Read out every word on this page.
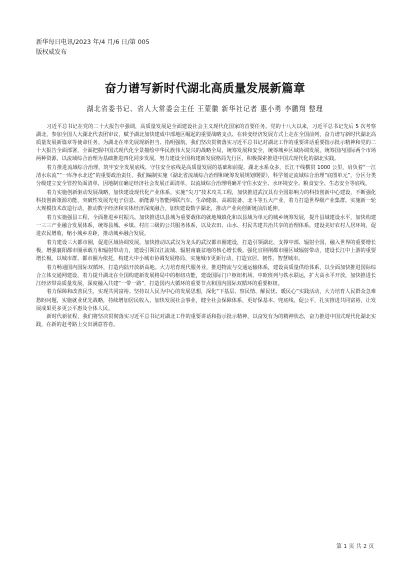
新华每日电讯/2023 年/4 月/6 日/第 005
版权威发布
奋力谱写新时代湖北高质量发展新篇章
湖北省委书记、省人大常委会主任 王蒙徽 新华社记者 惠小勇 李鹏翔 整理

习近平总书记在党的二十大报告中强调，高质量发展是全面建设社会主义现代化国家的首要任务。党的十八大以来，习近平总书记先后 5 次考察湖北，参加全国人大湖北代表团审议，赋予湖北加快建成中部地区崛起的重要战略支点、在转变经济发展方式上走在全国前列，奋力谱写新时代湖北高质量发展新篇章等使命任务。为湖北在率先展现新担当、指明强航，我们坚决贯彻落实习近平总书记对湖北工作的重要讲话重要指示批示精神和党的二十大报告全面部署，全面把握中国式现代化全景描绘中华民族伟大复兴的战略全局，统筹发展和安全，统筹城乡区域协调发展，统筹国内国际两个市场两种资源，以流域综合治理为基础推进四化同步发展。努力建设全国构建新发展格局先行区，积极探索推进中国式现代化的湖北实践。

着力推进流域综合治理，筑牢安全发展底线。守住安全底线是高质量发展的基础和前提。湖北水系众多，长江干线横贯 1000 公里，肩负着“一江清水东流”“一库净水北送”的重要政治责任。我们编制实施《湖北省流域综合治理和统筹发展规划纲要》，科学划定流域综合治理“底图单元”，分区分类分级建立安全管控负面清单，因地制宜确定经济社会发展正面清单，以流域综合治理明确并守住水安全、水环境安全、粮食安全、生态安全等底线。

着力实施创新驱动发展战略，加快建设现代化产业体系。实施“尖刀”技术攻关工程，加快推进武汉具有全国影响力的科技创新中心建设，不断强化科技创新策源功能，突破性发展光电子信息、新能源与智能网联汽车、生命健康、高端装备、北斗等五大产业，着力打造世界级产业集群。实施新一轮大规模技术改造行动，推动数字经济和实体经济深度融合，加快建设数字湖北，推动产业向创新链前沿延伸。

着力实施强县工程，全面推进乡村振兴。加快推进以县城为重要载体的就地城镇化和以县域为单元的城乡统筹发展，提升县域建设水平，加快构建一三三产业融合发展体系，统筹县城、乡镇、村庄三级的公共服务体系，以及农田、山水、村民共建共治共享的治理体系。建设美好农村人居环境，促进农民增收，缩小城乡差距，推动城乡融合发展。

着力建设三大都市圈，促进区域协调发展。加快推动以武汉为龙头的武汉都市圈建设，打造引领湖北、支撑中部、辐射全国、融入世界的重要增长极。增强襄阳都市圈承载力和辐射带动力，建设引领汉江流域、辐射南襄盆地的核心增长极。强化宜荆荆都市圈区域辐射带动，建设长江中上游的重要增长极。以城市群、都市圈为依托，构建大中小城市协调发展格局，实施城市更新行动，打造宜居、韧性、智慧城市。

着力畅通国内国际双循环，打造内陆开放新高地。大力培育现代服务业，推进物流与交通运输体系，建设高质量供给体系，以全面加快推进国际综合立体交通网建设，着力提升湖北在全国构建新发展格局中的枢纽功能，建设国际门户枢纽机场、中欧班列与铁水联运，扩大高水平开放，加快推进长江经济带高质量发展，深度融入共建“一带一路”，打造国内大循环的重要节点和国内国际双循环的重要枢纽。

着力保障和改善民生，实现共同富裕。坚持以人民为中心的发展思想，深化“下基层、察民情、解民忧、暖民心”实践活动，大力培育人民群众急难愁盼问题，实施就业优先战略，持续增加居民收入，加快发展社会事业，健全社会保障体系，更好保基本、兜底线、促公平，扎实推进共同富裕，让发展成果更多更公平惠及全体人民。

新时代新征程，我们将坚决贯彻落实习近平总书记对湖北工作的重要讲话和指示批示精神，以奋发有为的精神状态，奋力推进中国式现代化湖北实践，在新的赶考路上交出满意答卷。

第 1 页 共 2 页
